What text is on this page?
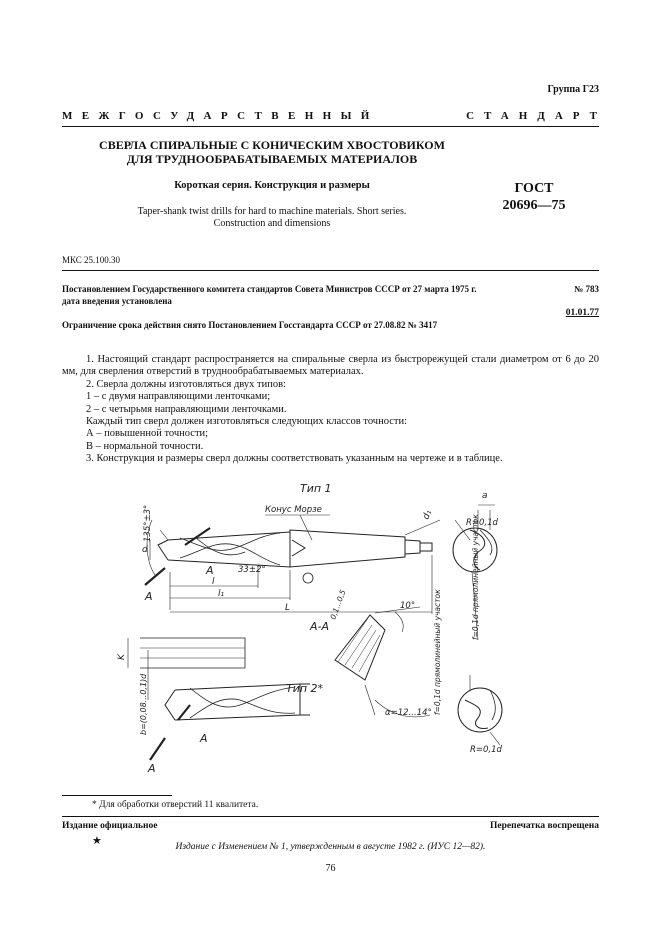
Группа Г23
МЕЖГОСУДАРСТВЕННЫЙ	СТАНДАРТ
СВЕРЛА СПИРАЛЬНЫЕ С КОНИЧЕСКИМ ХВОСТОВИКОМ
ДЛЯ ТРУДНООБРАБАТЫВАЕМЫХ МАТЕРИАЛОВ
Короткая серия. Конструкция и размеры	ГОСТ
20696—75
Taper-shank twist drills for hard to machine materials. Short series.
Construction and dimensions
МКС 25.100.30
Постановлением Государственного комитета стандартов Совета Министров СССР от 27 марта 1975 г.	№ 783
дата введения установлена
01.01.77
Ограничение срока действия снято Постановлением Госстандарта СССР от 27.08.82 № 3417

1. Настоящий стандарт распространяется на спиральные сверла из быстрорежущей стали диаметром от 6 до 20 мм, для сверления отверстий в труднообрабатываемых материалах.

2. Сверла должны изготовляться двух типов:

1 – с двумя направляющими ленточками;

2 – с четырьмя направляющими ленточками.

Каждый тип сверл должен изготовляться следующих классов точности:

А – повышенной точности;

В – нормальной точности.

3. Конструкция и размеры сверл должны соответствовать указанным на чертеже и в таблице.

Тип 1
Конус Морзе
135°±3°
d
33±2°
A
A
l
l₁
L
d₁
a
R=0,1d
f=0,1d прямолинейный участок
A-A
10°
0,1...0,5
α=12...14° f=0,1d прямолинейный участок
Тип 2*
K
b=(0,08...0,1)d
A
A
R=0,1d
* Для обработки отверстий 11 квалитета.
Издание официальное	Перепечатка воспрещена
★	Издание с Изменением № 1, утвержденным в августе 1982 г. (ИУС 12—82).
76
